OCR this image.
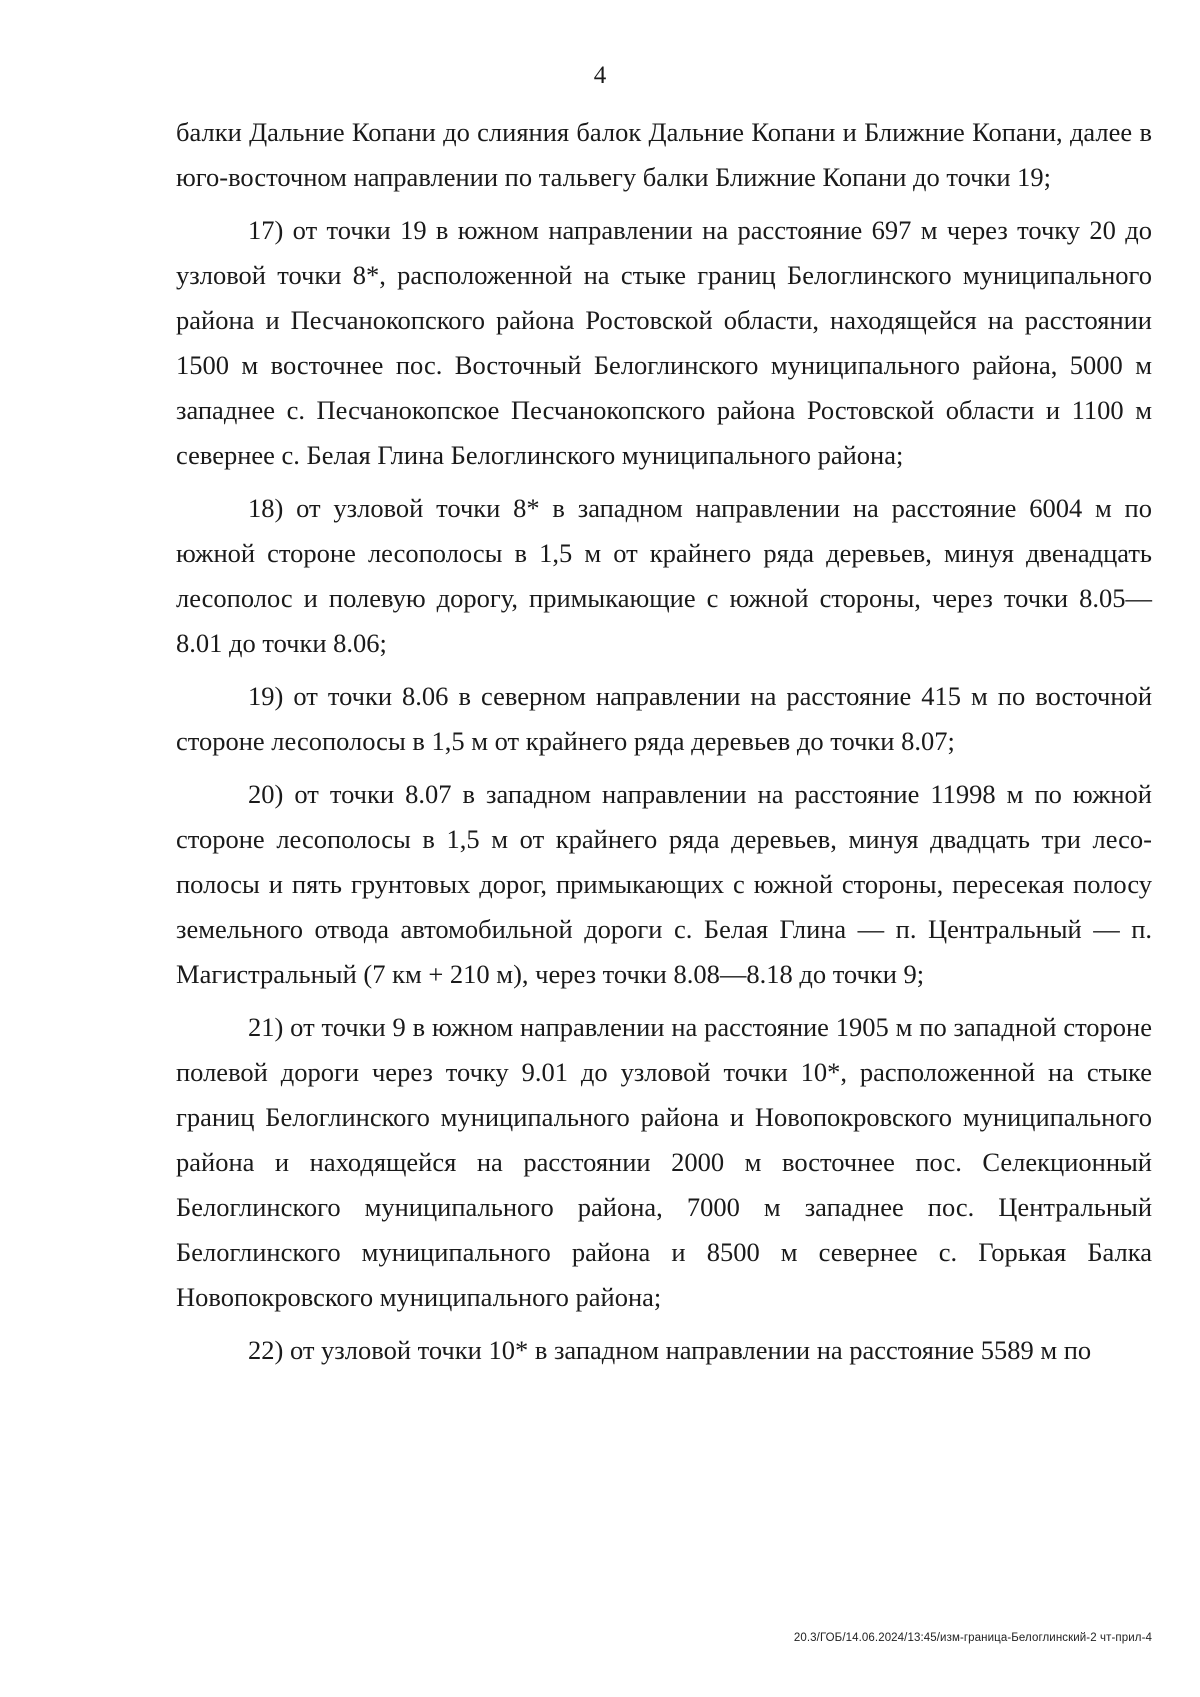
4

балки Дальние Копани до слияния балок Дальние Копани и Ближние Копани, далее в юго-восточном направлении по тальвегу балки Ближние Копани до точки 19;

17) от точки 19 в южном направлении на расстояние 697 м через точку 20 до узловой точки 8*, расположенной на стыке границ Белоглинского муниципального района и Песчанокопского района Ростовской области, находящейся на расстоянии 1500 м восточнее пос. Восточный Белоглинского муниципального района, 5000 м западнее с. Песчанокопское Песчанокопского района Ростовской области и 1100 м севернее с. Белая Глина Белоглинского муниципального района;

18) от узловой точки 8* в западном направлении на расстояние 6004 м по южной стороне лесополосы в 1,5 м от крайнего ряда деревьев, минуя двенадцать лесополос и полевую дорогу, примыкающие с южной стороны, через точки 8.05—8.01 до точки 8.06;

19) от точки 8.06 в северном направлении на расстояние 415 м по восточной стороне лесополосы в 1,5 м от крайнего ряда деревьев до точки 8.07;

20) от точки 8.07 в западном направлении на расстояние 11998 м по южной стороне лесополосы в 1,5 м от крайнего ряда деревьев, минуя двадцать три лесополосы и пять грунтовых дорог, примыкающих с южной стороны, пересекая полосу земельного отвода автомобильной дороги с. Белая Глина — п. Центральный — п. Магистральный (7 км + 210 м), через точки 8.08—8.18 до точки 9;

21) от точки 9 в южном направлении на расстояние 1905 м по западной стороне полевой дороги через точку 9.01 до узловой точки 10*, расположенной на стыке границ Белоглинского муниципального района и Новопокровского муниципального района и находящейся на расстоянии 2000 м восточнее пос. Селекционный Белоглинского муниципального района, 7000 м западнее пос. Центральный Белоглинского муниципального района и 8500 м севернее с. Горькая Балка Новопокровского муниципального района;

22) от узловой точки 10* в западном направлении на расстояние 5589 м по

20.3/ГОБ/14.06.2024/13:45/изм-граница-Белоглинский-2 чт-прил-4
